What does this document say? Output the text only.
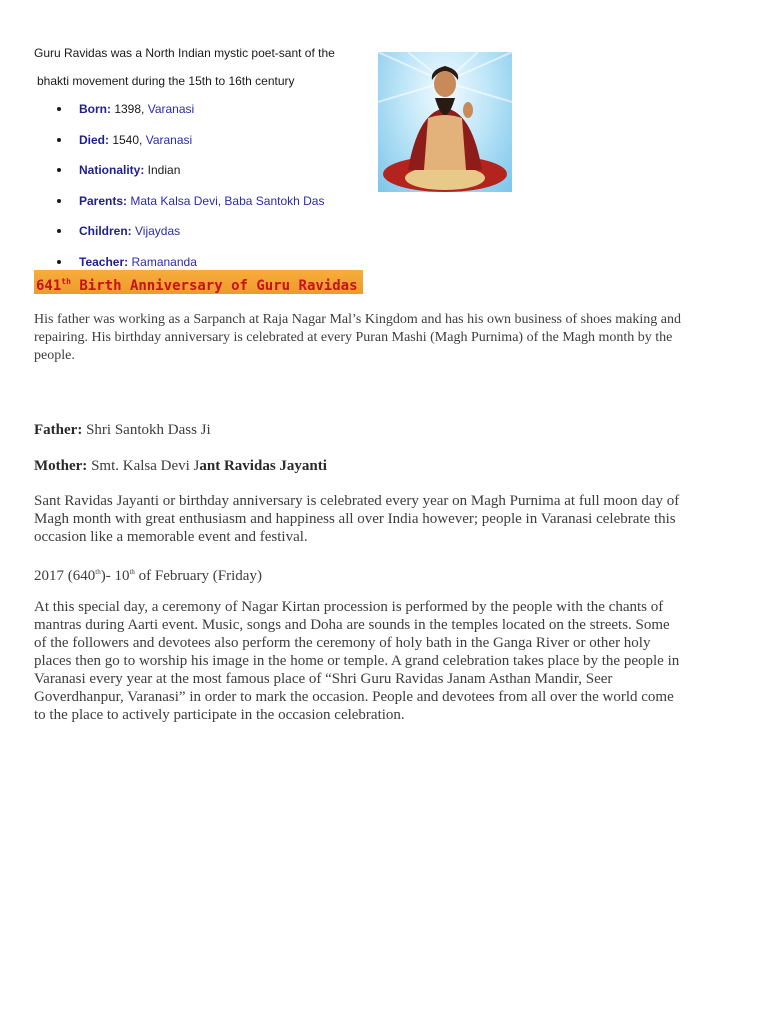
Guru Ravidas was a North Indian mystic poet-sant of the
bhakti movement during the 15th to 16th century
Born: 1398, Varanasi
Died: 1540, Varanasi
Nationality: Indian
Parents: Mata Kalsa Devi, Baba Santokh Das
Children: Vijaydas
Teacher: Ramananda
641th Birth Anniversary of Guru Ravidas

His father was working as a Sarpanch at Raja Nagar Mal’s Kingdom and has his own business of shoes making and repairing. His birthday anniversary is celebrated at every Puran Mashi (Magh Purnima) of the Magh month by the people.

Father: Shri Santokh Dass Ji

Mother: Smt. Kalsa Devi Jant Ravidas Jayanti

Sant Ravidas Jayanti or birthday anniversary is celebrated every year on Magh Purnima at full moon day of Magh month with great enthusiasm and happiness all over India however; people in Varanasi celebrate this occasion like a memorable event and festival.

2017 (640th)- 10th of February (Friday)

At this special day, a ceremony of Nagar Kirtan procession is performed by the people with the chants of mantras during Aarti event. Music, songs and Doha are sounds in the temples located on the streets. Some of the followers and devotees also perform the ceremony of holy bath in the Ganga River or other holy places then go to worship his image in the home or temple. A grand celebration takes place by the people in Varanasi every year at the most famous place of “Shri Guru Ravidas Janam Asthan Mandir, Seer Goverdhanpur, Varanasi” in order to mark the occasion. People and devotees from all over the world come to the place to actively participate in the occasion celebration.
